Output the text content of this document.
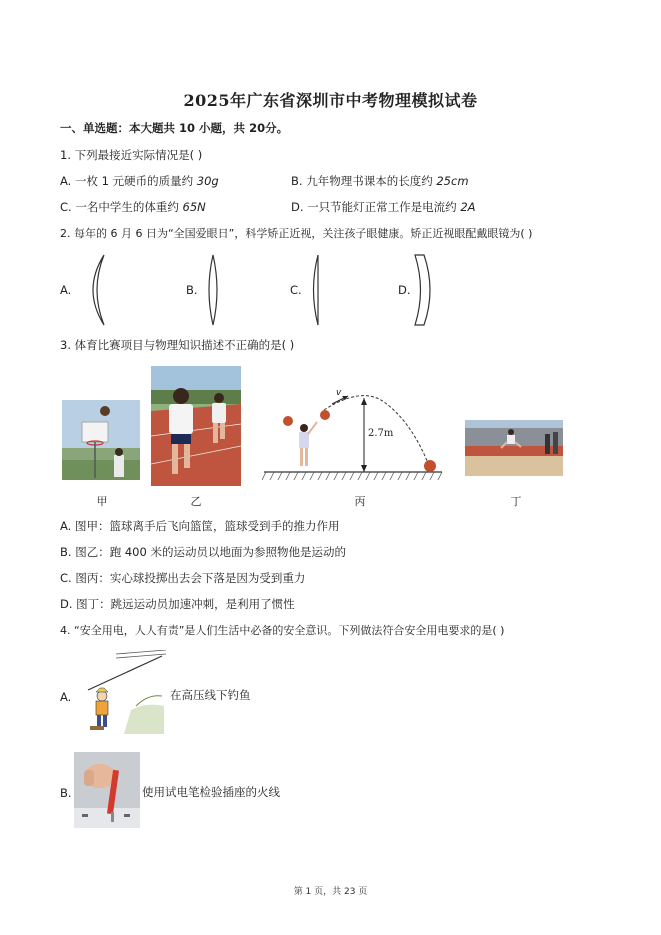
2025年广东省深圳市中考物理模拟试卷
一、单选题：本大题共 10 小题，共 20分。
1. 下列最接近实际情况是( )
A. 一枚 1 元硬币的质量约 30g	B. 九年物理书课本的长度约 25cm
C. 一名中学生的体重约 65N	D. 一只节能灯正常工作是电流约 2A
2. 每年的 6 月 6 日为“全国爱眼日”，科学矫正近视，关注孩子眼健康。矫正近视眼配戴眼镜为( )
A.	B.	C.	D.
3. 体育比赛项目与物理知识描述不正确的是( )
甲	乙
v
2.7m
丙	丁
A. 图甲：篮球离手后飞向篮筐，篮球受到手的推力作用
B. 图乙：跑 400 米的运动员以地面为参照物他是运动的
C. 图丙：实心球投掷出去会下落是因为受到重力
D. 图丁：跳远运动员加速冲刺，是利用了惯性
4. “安全用电，人人有责”是人们生活中必备的安全意识。下列做法符合安全用电要求的是( )
A.	在高压线下钓鱼
B.	使用试电笔检验插座的火线
第 1 页，共 23 页
